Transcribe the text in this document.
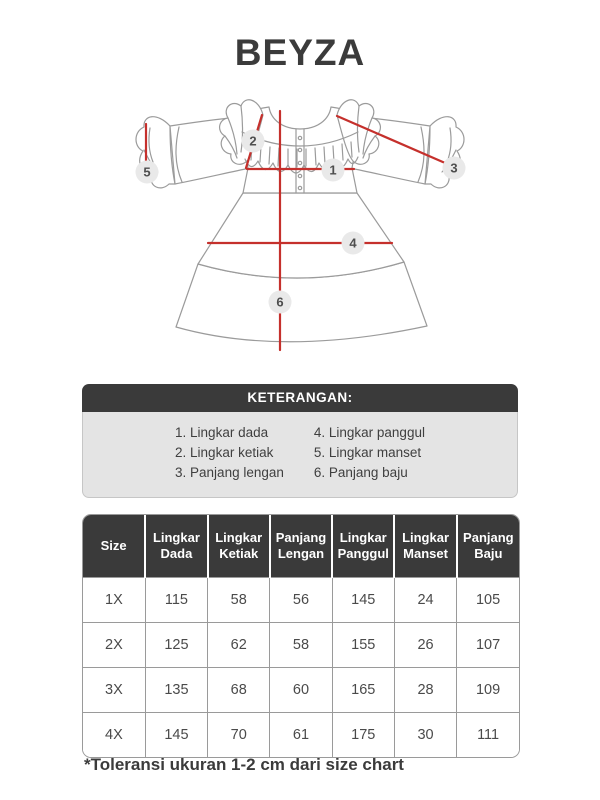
BEYZA
1
2
3
4
5
6
KETERANGAN:
1. Lingkar dada
2. Lingkar ketiak
3. Panjang lengan
4. Lingkar panggul
5. Lingkar manset
6. Panjang baju
Size	Lingkar Dada	Lingkar Ketiak	Panjang Lengan	Lingkar Panggul	Lingkar Manset	Panjang Baju
1X	115	58	56	145	24	105
2X	125	62	58	155	26	107
3X	135	68	60	165	28	109
4X	145	70	61	175	30	111
*Toleransi ukuran 1-2 cm dari size chart
